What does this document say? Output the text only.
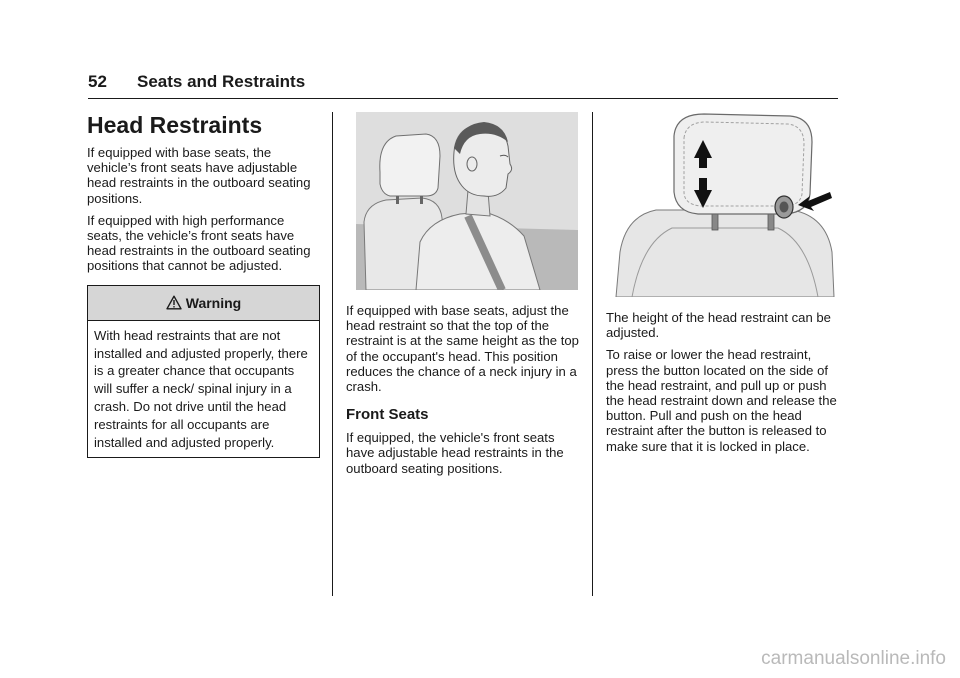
52 Seats and Restraints
Head Restraints

If equipped with base seats, the vehicle’s front seats have adjustable head restraints in the outboard seating positions.

If equipped with high performance seats, the vehicle’s front seats have head restraints in the outboard seating positions that cannot be adjusted.

Warning

With head restraints that are not installed and adjusted properly, there is a greater chance that occupants will suffer a neck/ spinal injury in a crash. Do not drive until the head restraints for all occupants are installed and adjusted properly.

If equipped with base seats, adjust the head restraint so that the top of the restraint is at the same height as the top of the occupant's head. This position reduces the chance of a neck injury in a crash.

Front Seats

If equipped, the vehicle's front seats have adjustable head restraints in the outboard seating positions.

The height of the head restraint can be adjusted.

To raise or lower the head restraint, press the button located on the side of the head restraint, and pull up or push the head restraint down and release the button. Pull and push on the head restraint after the button is released to make sure that it is locked in place.

carmanualsonline.info
